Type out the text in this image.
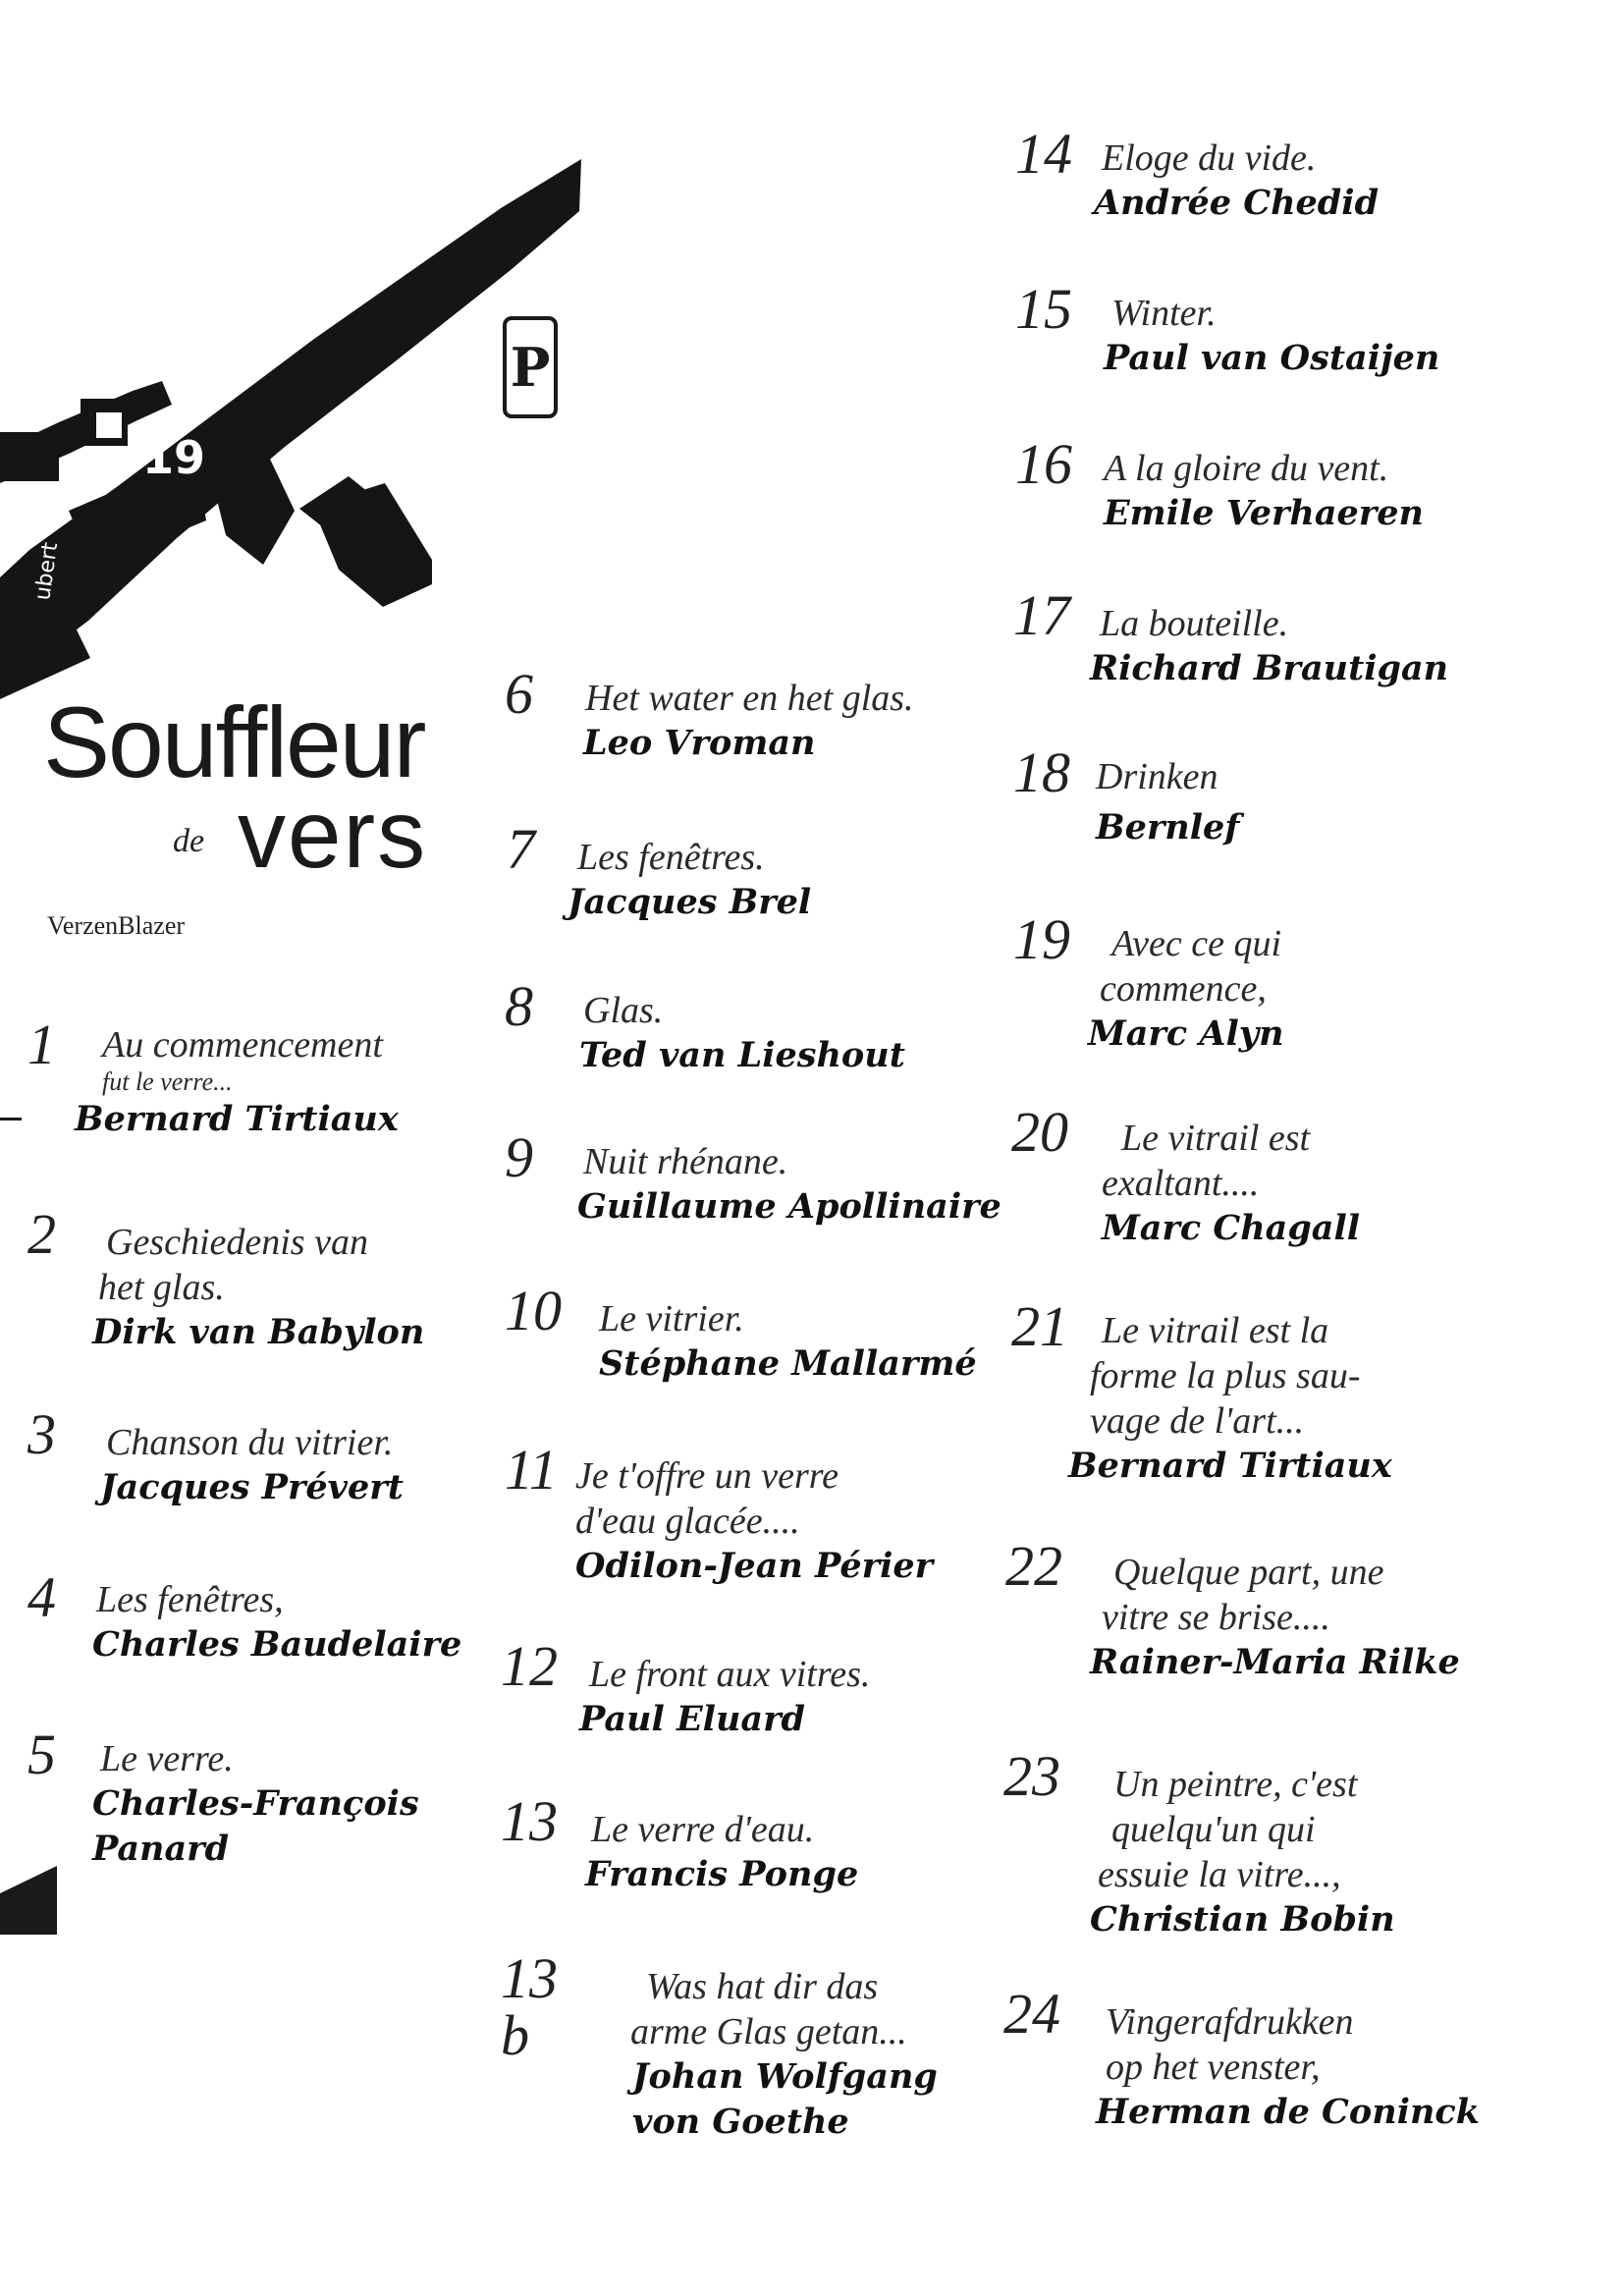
19
ubert
P
Souffleur
de vers
VerzenBlazer
1 Au commencement
fut le verre...
Bernard Tirtiaux
2 Geschiedenis van
het glas.
Dirk van Babylon
3 Chanson du vitrier.
Jacques Prévert
4 Les fenêtres,
Charles Baudelaire
5 Le verre.
Charles-François
Panard
6 Het water en het glas.
Leo Vroman
7 Les fenêtres.
Jacques Brel
8 Glas.
Ted van Lieshout
9 Nuit rhénane.
Guillaume Apollinaire
10 Le vitrier.
Stéphane Mallarmé
11 Je t'offre un verre
d'eau glacée....
Odilon-Jean Périer
12 Le front aux vitres.
Paul Eluard
13 Le verre d'eau.
Francis Ponge
13 b
Was hat dir das
arme Glas getan...
Johan Wolfgang
von Goethe
14 Eloge du vide.
Andrée Chedid
15 Winter.
Paul van Ostaijen
16 A la gloire du vent.
Emile Verhaeren
17 La bouteille.
Richard Brautigan
18 Drinken
Bernlef
19 Avec ce qui
commence,
Marc Alyn
20 Le vitrail est
exaltant....
Marc Chagall
21 Le vitrail est la
forme la plus sau-
vage de l'art...
Bernard Tirtiaux
22 Quelque part, une
vitre se brise....
Rainer-Maria Rilke
23 Un peintre, c'est
quelqu'un qui
essuie la vitre...,
Christian Bobin
24 Vingerafdrukken
op het venster,
Herman de Coninck
